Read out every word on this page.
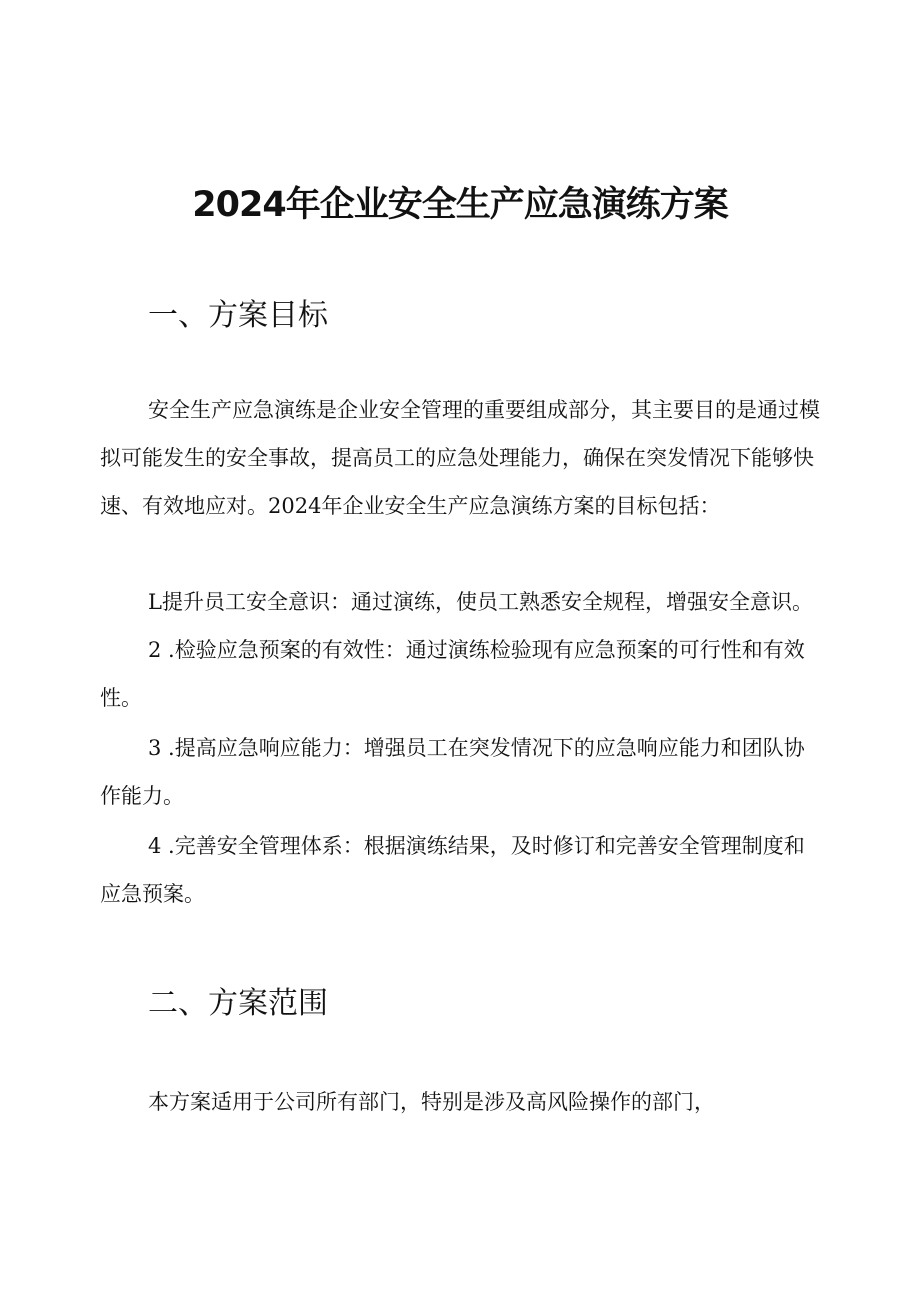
2024年企业安全生产应急演练方案
一、方案目标

安全生产应急演练是企业安全管理的重要组成部分，其主要目的是通过模拟可能发生的安全事故，提高员工的应急处理能力，确保在突发情况下能够快速、有效地应对。2024年企业安全生产应急演练方案的目标包括：

L提升员工安全意识：通过演练，使员工熟悉安全规程，增强安全意识。

2 .检验应急预案的有效性：通过演练检验现有应急预案的可行性和有效性。

3 .提高应急响应能力：增强员工在突发情况下的应急响应能力和团队协作能力。

4 .完善安全管理体系：根据演练结果，及时修订和完善安全管理制度和应急预案。

二、方案范围

本方案适用于公司所有部门，特别是涉及高风险操作的部门，
